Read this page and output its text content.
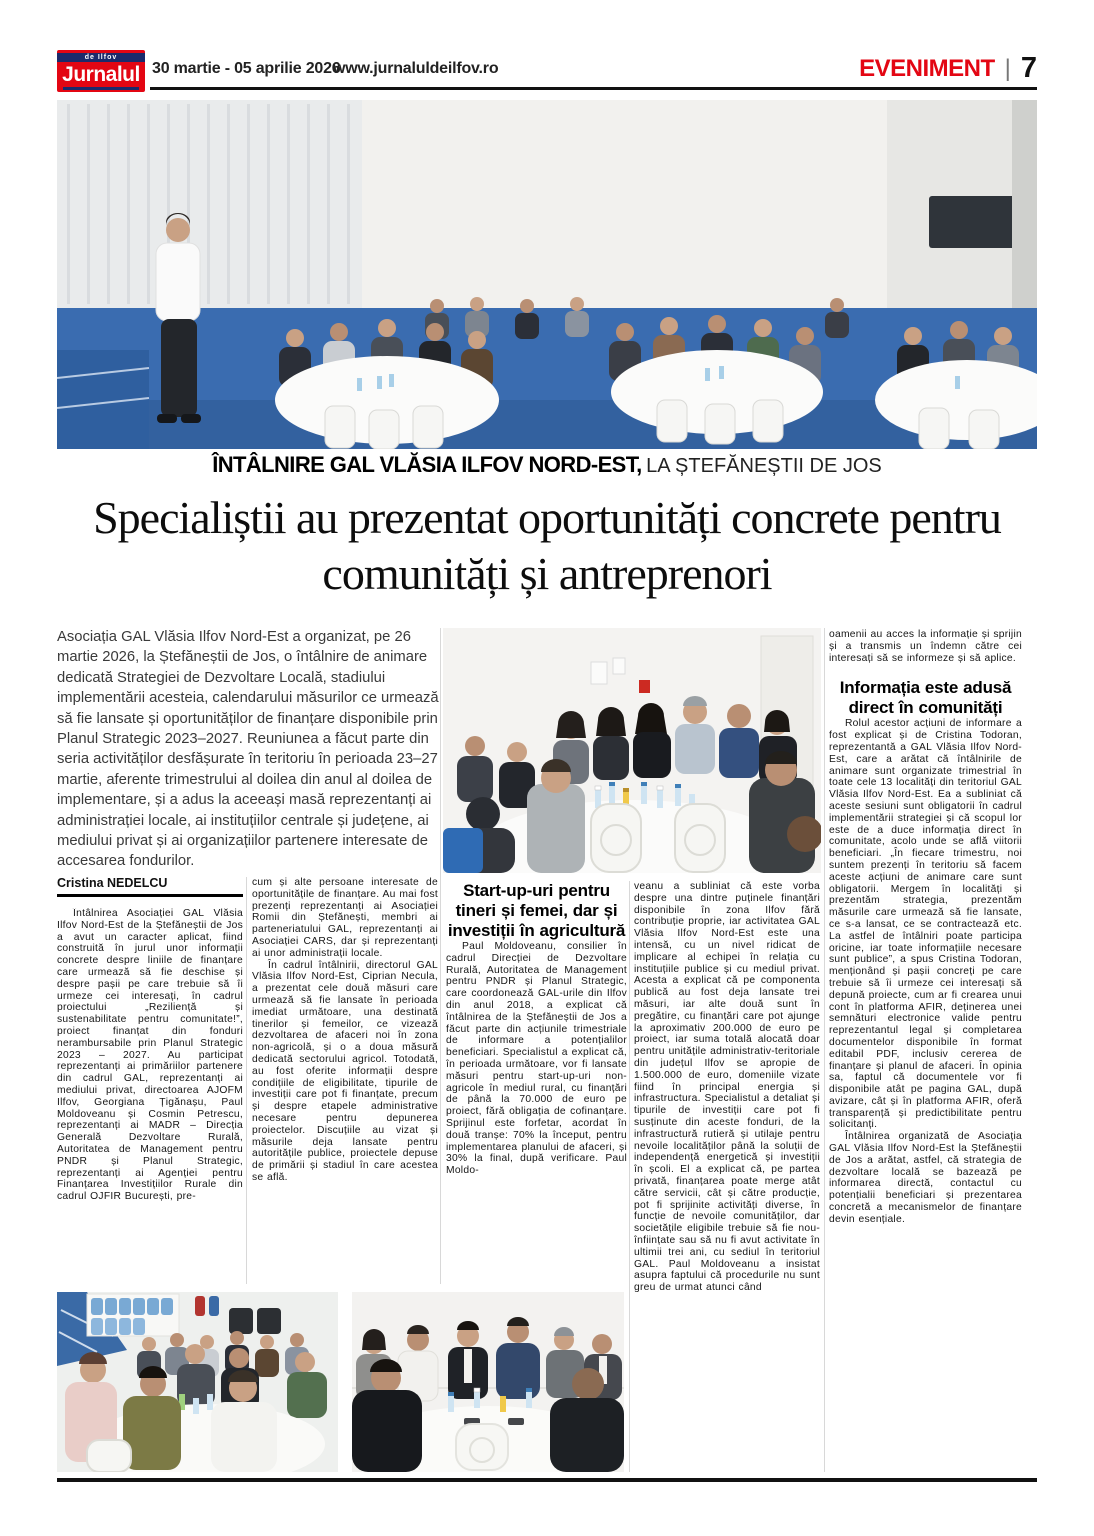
de Ilfov
Jurnalul 30 martie - 05 aprilie 2026
www.jurnaluldeilfov.ro	EVENIMENT | 7
ÎNTÂLNIRE GAL VLĂSIA ILFOV NORD-EST, LA ȘTEFĂNEȘTII DE JOS
Specialiștii au prezentat oportunități concrete pentru comunități și antreprenori
Asociația GAL Vlăsia Ilfov Nord-Est a organizat, pe 26 martie 2026, la Ștefăneștii de Jos, o întâlnire de animare dedicată Strategiei de Dezvoltare Locală, stadiului implementării acesteia, calendarului măsurilor ce urmează să fie lansate și oportunităților de finanțare disponibile prin Planul Strategic 2023–2027. Reuniunea a făcut parte din seria activităților desfășurate în teritoriu în perioada 23–27 martie, aferente trimestrului al doilea din anul al doilea de implementare, și a adus la aceeași masă reprezentanți ai administrației locale, ai instituțiilor centrale și județene, ai mediului privat și ai organizațiilor partenere interesate de accesarea fondurilor.
Cristina NEDELCU

Întâlnirea Asociației GAL Vlăsia Ilfov Nord-Est de la Ștefăneștii de Jos a avut un caracter aplicat, fiind construită în jurul unor informații concrete despre liniile de finanțare care urmează să fie deschise și despre pașii pe care trebuie să îi urmeze cei interesați, în cadrul proiectului „Reziliență și sustenabilitate pentru comunitate!”, proiect finanțat din fonduri nerambursabile prin Planul Strategic 2023 – 2027. Au participat reprezentanți ai primăriilor partenere din cadrul GAL, reprezentanți ai mediului privat, directoarea AJOFM Ilfov, Georgiana Țigănașu, Paul Moldoveanu și Cosmin Petrescu, reprezentanți ai MADR – Direcția Generală Dezvoltare Rurală, Autoritatea de Management pentru PNDR și Planul Strategic, reprezentanți ai Agenției pentru Finanțarea Investițiilor Rurale din cadrul OJFIR București, pre-

cum și alte persoane interesate de oportunitățile de finanțare. Au mai fost prezenți reprezentanți ai Asociației Romii din Ștefănești, membri ai parteneriatului GAL, reprezentanți ai Asociației CARS, dar și reprezentanți ai unor administrații locale.

În cadrul întâlnirii, directorul GAL Vlăsia Ilfov Nord-Est, Ciprian Necula, a prezentat cele două măsuri care urmează să fie lansate în perioada imediat următoare, una destinată tinerilor și femeilor, ce vizează dezvoltarea de afaceri noi în zona non-agricolă, și o a doua măsură dedicată sectorului agricol. Totodată, au fost oferite informații despre condițiile de eligibilitate, tipurile de investiții care pot fi finanțate, precum și despre etapele administrative necesare pentru depunerea proiectelor. Discuțiile au vizat și măsurile deja lansate pentru autoritățile publice, proiectele depuse de primării și stadiul în care acestea se află.

Start-up-uri pentru tineri și femei, dar și investiții în agricultură

Paul Moldoveanu, consilier în cadrul Direcției de Dezvoltare Rurală, Autoritatea de Management pentru PNDR și Planul Strategic, care coordonează GAL-urile din Ilfov din anul 2018, a explicat că întâlnirea de la Ștefăneștii de Jos a făcut parte din acțiunile trimestriale de informare a potențialilor beneficiari. Specialistul a explicat că, în perioada următoare, vor fi lansate măsuri pentru start-up-uri non-agricole în mediul rural, cu finanțări de până la 70.000 de euro pe proiect, fără obligația de cofinanțare. Sprijinul este forfetar, acordat în două tranșe: 70% la început, pentru implementarea planului de afaceri, și 30% la final, după verificare. Paul Moldo-

veanu a subliniat că este vorba despre una dintre puținele finanțări disponibile în zona Ilfov fără contribuție proprie, iar activitatea GAL Vlăsia Ilfov Nord-Est este una intensă, cu un nivel ridicat de implicare al echipei în relația cu instituțiile publice și cu mediul privat. Acesta a explicat că pe componenta publică au fost deja lansate trei măsuri, iar alte două sunt în pregătire, cu finanțări care pot ajunge la aproximativ 200.000 de euro pe proiect, iar suma totală alocată doar pentru unitățile administrativ-teritoriale din județul Ilfov se apropie de 1.500.000 de euro, domeniile vizate fiind în principal energia și infrastructura. Specialistul a detaliat și tipurile de investiții care pot fi susținute din aceste fonduri, de la infrastructură rutieră și utilaje pentru nevoile localităților până la soluții de independență energetică și investiții în școli. El a explicat că, pe partea privată, finanțarea poate merge atât către servicii, cât și către producție, pot fi sprijinite activități diverse, în funcție de nevoile comunităților, dar societățile eligibile trebuie să fie nou-înființate sau să nu fi avut activitate în ultimii trei ani, cu sediul în teritoriul GAL. Paul Moldoveanu a insistat asupra faptului că procedurile nu sunt greu de urmat atunci când

oamenii au acces la informație și sprijin și a transmis un îndemn către cei interesați să se informeze și să aplice.

Informația este adusă direct în comunități

Rolul acestor acțiuni de informare a fost explicat și de Cristina Todoran, reprezentantă a GAL Vlăsia Ilfov Nord-Est, care a arătat că întâlnirile de animare sunt organizate trimestrial în toate cele 13 localități din teritoriul GAL Vlăsia Ilfov Nord-Est. Ea a subliniat că aceste sesiuni sunt obligatorii în cadrul implementării strategiei și că scopul lor este de a duce informația direct în comunitate, acolo unde se află viitorii beneficiari. „În fiecare trimestru, noi suntem prezenți în teritoriu să facem aceste acțiuni de animare care sunt obligatorii. Mergem în localități și prezentăm strategia, prezentăm măsurile care urmează să fie lansate, ce s-a lansat, ce se contractează etc. La astfel de întâlniri poate participa oricine, iar toate informațiile necesare sunt publice”, a spus Cristina Todoran, menționând și pașii concreți pe care trebuie să îi urmeze cei interesați să depună proiecte, cum ar fi crearea unui cont în platforma AFIR, deținerea unei semnături electronice valide pentru reprezentantul legal și completarea documentelor disponibile în format editabil PDF, inclusiv cererea de finanțare și planul de afaceri. În opinia sa, faptul că documentele vor fi disponibile atât pe pagina GAL, după avizare, cât și în platforma AFIR, oferă transparență și predictibilitate pentru solicitanți.

Întâlnirea organizată de Asociația GAL Vlăsia Ilfov Nord-Est la Ștefăneștii de Jos a arătat, astfel, că strategia de dezvoltare locală se bazează pe informarea directă, contactul cu potențialii beneficiari și prezentarea concretă a mecanismelor de finanțare devin esențiale.
